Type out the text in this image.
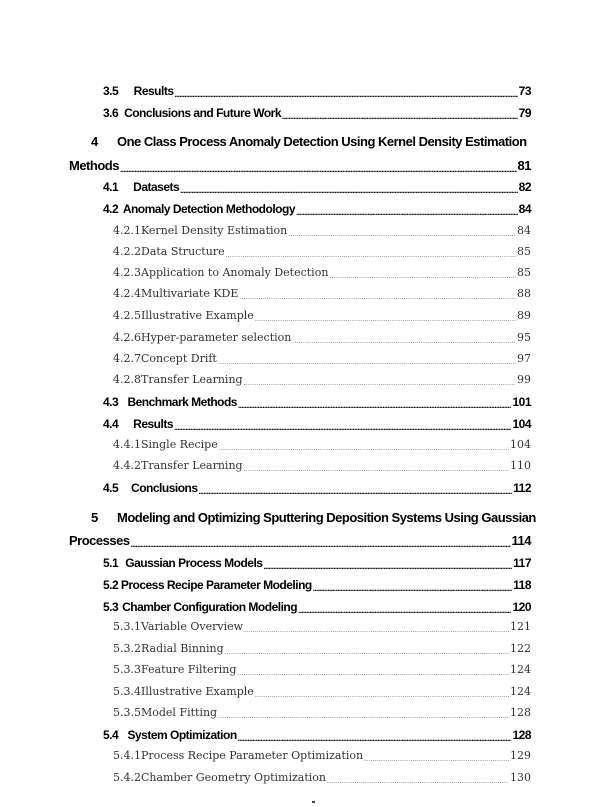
3.5	Results .....	73
3.6 Conclusions and Future Work .....	79
4 One Class Process Anomaly Detection Using Kernel Density Estimation
Methods .....	81
4.1	Datasets .....	82
4.2 Anomaly Detection Methodology .....	84
4.2.1 Kernel Density Estimation .....	84
4.2.2 Data Structure .....	85
4.2.3 Application to Anomaly Detection .....	85
4.2.4 Multivariate KDE .....	88
4.2.5 Illustrative Example .....	89
4.2.6 Hyper-parameter selection .....	95
4.2.7 Concept Drift .....	97
4.2.8 Transfer Learning .....	99
4.3 Benchmark Methods .....	101
4.4	Results .....	104
4.4.1 Single Recipe .....	104
4.4.2 Transfer Learning .....	110
4.5	Conclusions .....	112
5 Modeling and Optimizing Sputtering Deposition Systems Using Gaussian
Processes .....	114
5.1 Gaussian Process Models .....	117
5.2 Process Recipe Parameter Modeling .....	118
5.3 Chamber Configuration Modeling .....	120
5.3.1 Variable Overview .....	121
5.3.2 Radial Binning .....	122
5.3.3 Feature Filtering .....	124
5.3.4 Illustrative Example .....	124
5.3.5 Model Fitting .....	128
5.4 System Optimization .....	128
5.4.1 Process Recipe Parameter Optimization .....	129
5.4.2 Chamber Geometry Optimization .....	130
